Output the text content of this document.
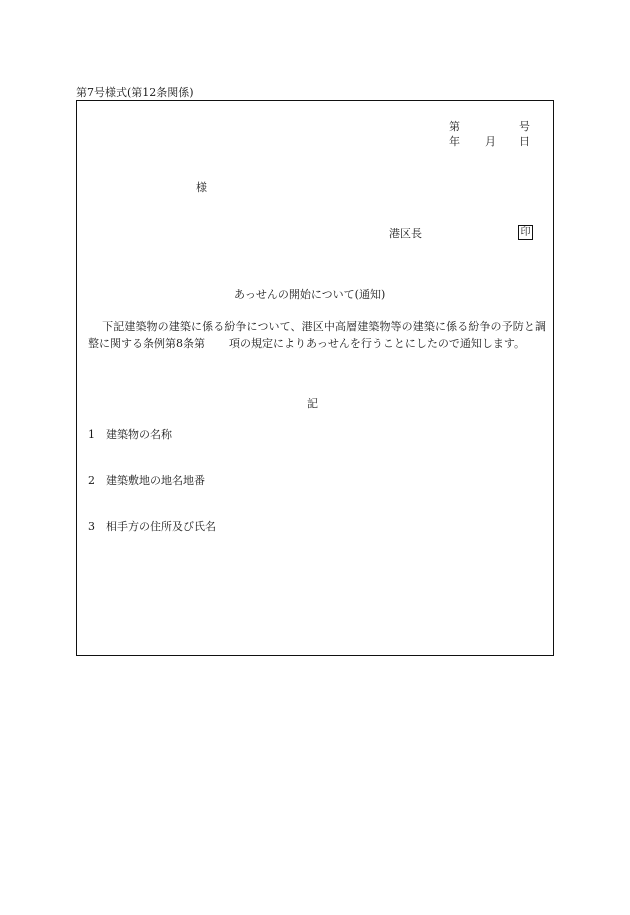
第7号様式(第12条関係)
第	号
年 月 日
様
港区長	印
あっせんの開始について(通知)
下記建築物の建築に係る紛争について、港区中高層建築物等の建築に係る紛争の予防と調整に関する条例第8条第 項の規定によりあっせんを行うことにしたので通知します。
記
1 建築物の名称
2 建築敷地の地名地番
3 相手方の住所及び氏名
